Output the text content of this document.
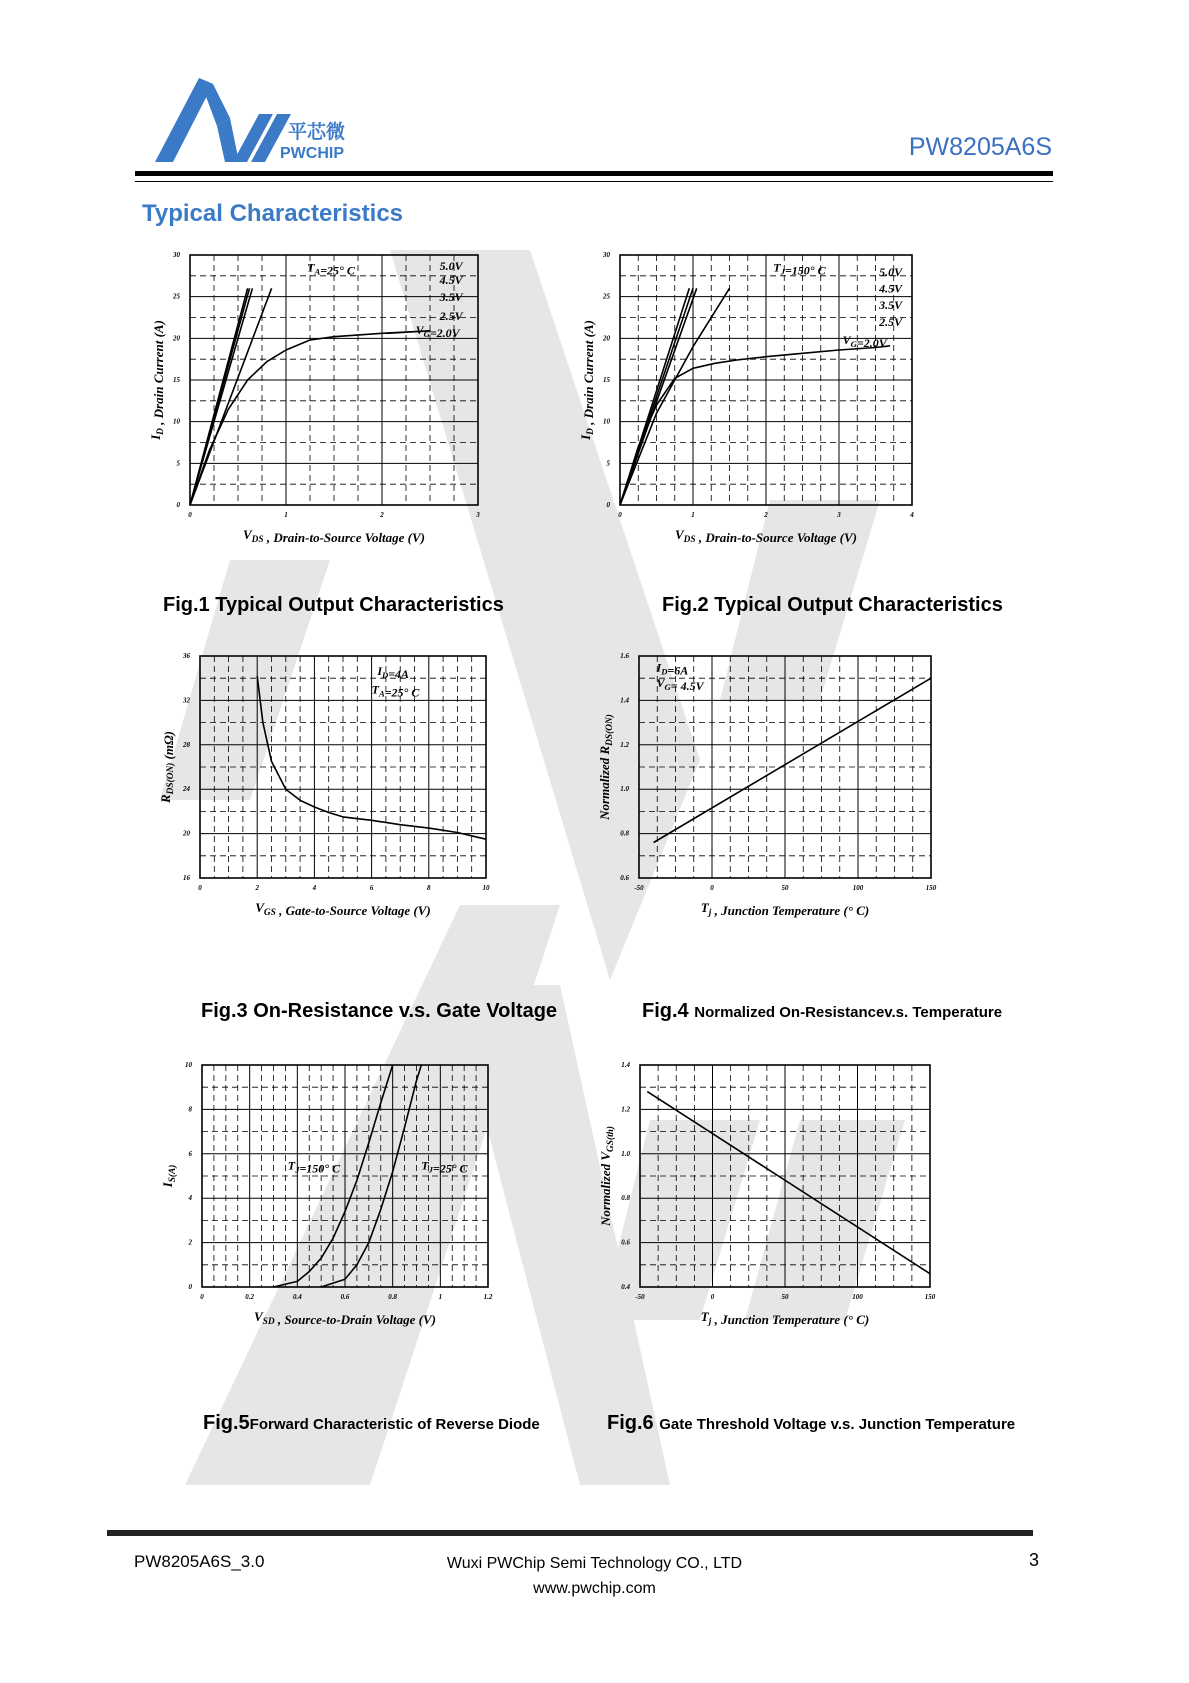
平芯微
PWCHIP	PW8205A6S
Typical Characteristics
0	1	2	3
0
5
10
15
20
25
30
$V_{DS}$ , Drain-to-Source Voltage (V)
$I_D$ , Drain Current (A)
$T_A=25^\circ$ C	5.0V
4.5V
3.5V
2.5V
$V_G=2.0V$
0	1	2	3	4
0
5
10
15
20
25
30
$V_{DS}$ , Drain-to-Source Voltage (V)
$I_D$ , Drain Current (A)
$T_J=150^\circ$ C	5.0V
4.5V
3.5V
2.5V
$V_G=2.0V$
0	2	4	6	8	10
16
20
24
28
32
36
$V_{GS}$ , Gate-to-Source Voltage (V)
$R_{DS(ON)}$ (mΩ)
$I_D=4A$
$T_A=25^\circ$ C
-50	0	50	100	150
0.6
0.8
1.0
1.2
1.4
1.6
$T_j$ , Junction Temperature (° C)
Normalized $R_{DS(ON)}$
$I_D=6A$
$V_G= 4.5V$
0	0.2	0.4	0.6	0.8	1	1.2
0
2
4
6
8
10
$V_{SD}$ , Source-to-Drain Voltage (V)
$I_{S(A)}$	$T_J=150^\circ$ C	$T_J=25^\circ$ C
-50	0	50	100	150
0.4
0.6
0.8
1.0
1.2
1.4
$T_j$ , Junction Temperature (° C)
Normalized $V_{GS(th)}$
Fig.1 Typical Output Characteristics	Fig.2 Typical Output Characteristics
Fig.3 On-Resistance v.s. Gate Voltage	Fig.4 Normalized On-Resistancev.s. Temperature
Fig.5Forward Characteristic of Reverse Diode	Fig.6 Gate Threshold Voltage v.s. Junction Temperature
PW8205A6S_3.0	Wuxi PWChip Semi Technology CO., LTD
www.pwchip.com
3
